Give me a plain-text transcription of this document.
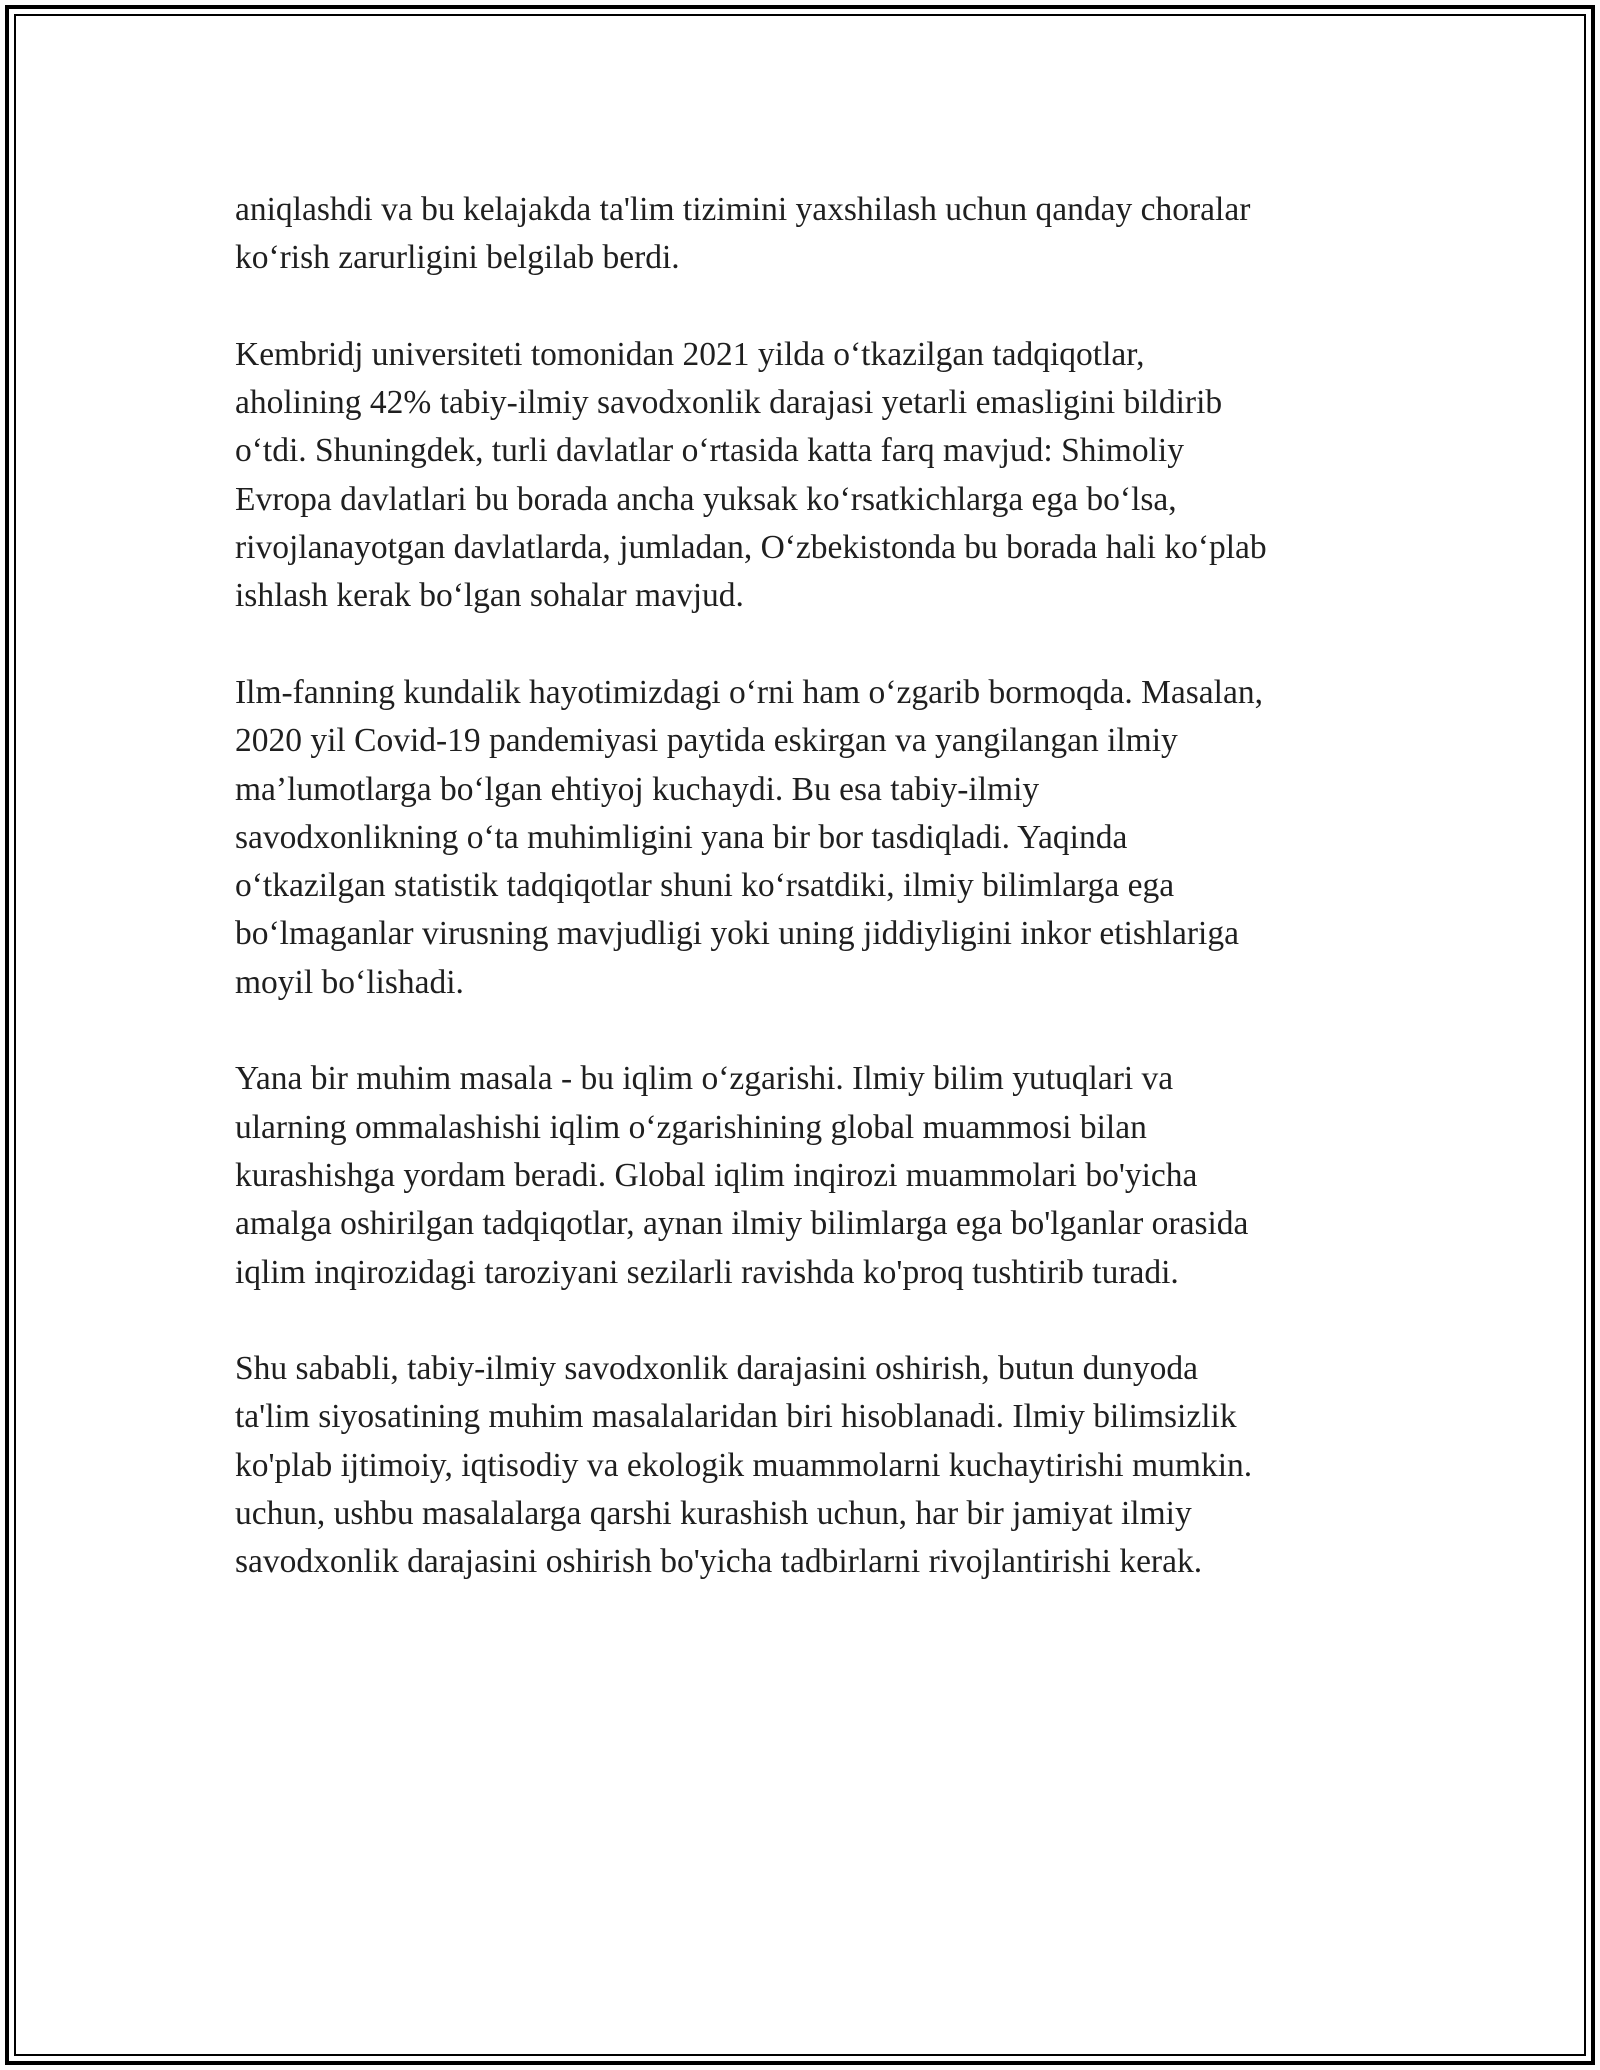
aniqlashdi va bu kelajakda ta'lim tizimini yaxshilash uchun qanday choralar
ko‘rish zarurligini belgilab berdi.

Kembridj universiteti tomonidan 2021 yilda o‘tkazilgan tadqiqotlar,
aholining 42% tabiy-ilmiy savodxonlik darajasi yetarli emasligini bildirib
o‘tdi. Shuningdek, turli davlatlar o‘rtasida katta farq mavjud: Shimoliy
Evropa davlatlari bu borada ancha yuksak ko‘rsatkichlarga ega bo‘lsa,
rivojlanayotgan davlatlarda, jumladan, O‘zbekistonda bu borada hali ko‘plab
ishlash kerak bo‘lgan sohalar mavjud.

Ilm-fanning kundalik hayotimizdagi o‘rni ham o‘zgarib bormoqda. Masalan,
2020 yil Covid-19 pandemiyasi paytida eskirgan va yangilangan ilmiy
ma’lumotlarga bo‘lgan ehtiyoj kuchaydi. Bu esa tabiy-ilmiy
savodxonlikning o‘ta muhimligini yana bir bor tasdiqladi. Yaqinda
o‘tkazilgan statistik tadqiqotlar shuni ko‘rsatdiki, ilmiy bilimlarga ega
bo‘lmaganlar virusning mavjudligi yoki uning jiddiyligini inkor etishlariga
moyil bo‘lishadi.

Yana bir muhim masala - bu iqlim o‘zgarishi. Ilmiy bilim yutuqlari va
ularning ommalashishi iqlim o‘zgarishining global muammosi bilan
kurashishga yordam beradi. Global iqlim inqirozi muammolari bo'yicha
amalga oshirilgan tadqiqotlar, aynan ilmiy bilimlarga ega bo'lganlar orasida
iqlim inqirozidagi taroziyani sezilarli ravishda ko'proq tushtirib turadi.

Shu sababli, tabiy-ilmiy savodxonlik darajasini oshirish, butun dunyoda
ta'lim siyosatining muhim masalalaridan biri hisoblanadi. Ilmiy bilimsizlik
ko'plab ijtimoiy, iqtisodiy va ekologik muammolarni kuchaytirishi mumkin.
uchun, ushbu masalalarga qarshi kurashish uchun, har bir jamiyat ilmiy
savodxonlik darajasini oshirish bo'yicha tadbirlarni rivojlantirishi kerak.
